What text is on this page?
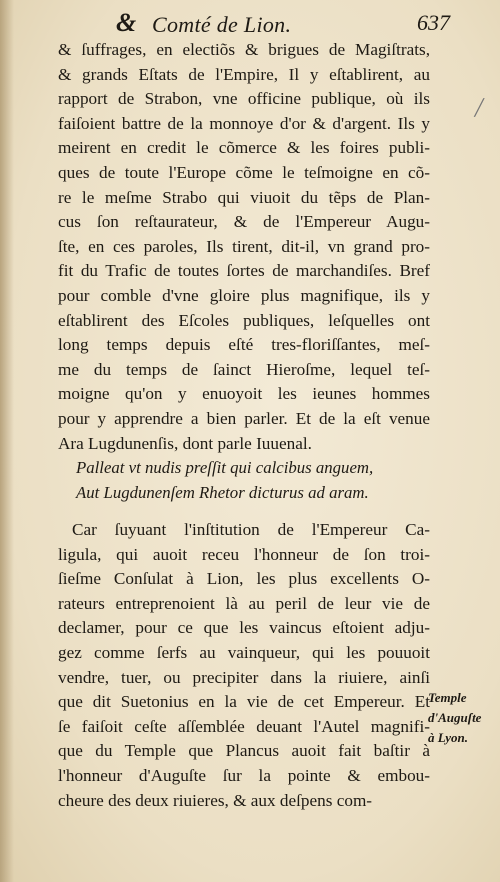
& Comté de Lion.	637
╱
& ſuffrages, en electiõs & brigues de Magiſtrats,
& grands Eſtats de l'Empire, Il y eſtablirent, au
rapport de Strabon, vne officine publique, où ils
faiſoient battre de la monnoye d'or & d'argent. Ils y
meirent en credit le cõmerce & les foires publi-
ques de toute l'Europe cõme le teſmoigne en cõ-
re le meſme Strabo qui viuoit du tẽps de Plan-
cus ſon reſtaurateur, & de l'Empereur Augu-
ſte, en ces paroles, Ils tirent, dit-il, vn grand pro-
fit du Trafic de toutes ſortes de marchandiſes. Bref
pour comble d'vne gloire plus magnifique, ils y
eſtablirent des Eſcoles publiques, leſquelles ont
long temps depuis eſté tres-floriſſantes, meſ-
me du temps de ſainct Hieroſme, lequel teſ-
moigne qu'on y enuoyoit les ieunes hommes
pour y apprendre a bien parler. Et de la eſt venue
Ara Lugdunenſis, dont parle Iuuenal.
Palleat vt nudis preſſit qui calcibus anguem,
Aut Lugdunenſem Rhetor dicturus ad aram.
Car ſuyuant l'inſtitution de l'Empereur Ca-
ligula, qui auoit receu l'honneur de ſon troi-
ſieſme Conſulat à Lion, les plus excellents O-
rateurs entreprenoient là au peril de leur vie de
declamer, pour ce que les vaincus eſtoient adju-
gez comme ſerfs au vainqueur, qui les pouuoit
vendre, tuer, ou precipiter dans la riuiere, ainſi
que dit Suetonius en la vie de cet Empereur. Et
ſe faiſoit ceſte aſſemblée deuant l'Autel magnifi-
que du Temple que Plancus auoit fait baſtir à
l'honneur d'Auguſte ſur la pointe & embou-
cheure des deux riuieres, & aux deſpens com-
Temple
d'Auguſte
à Lyon.
